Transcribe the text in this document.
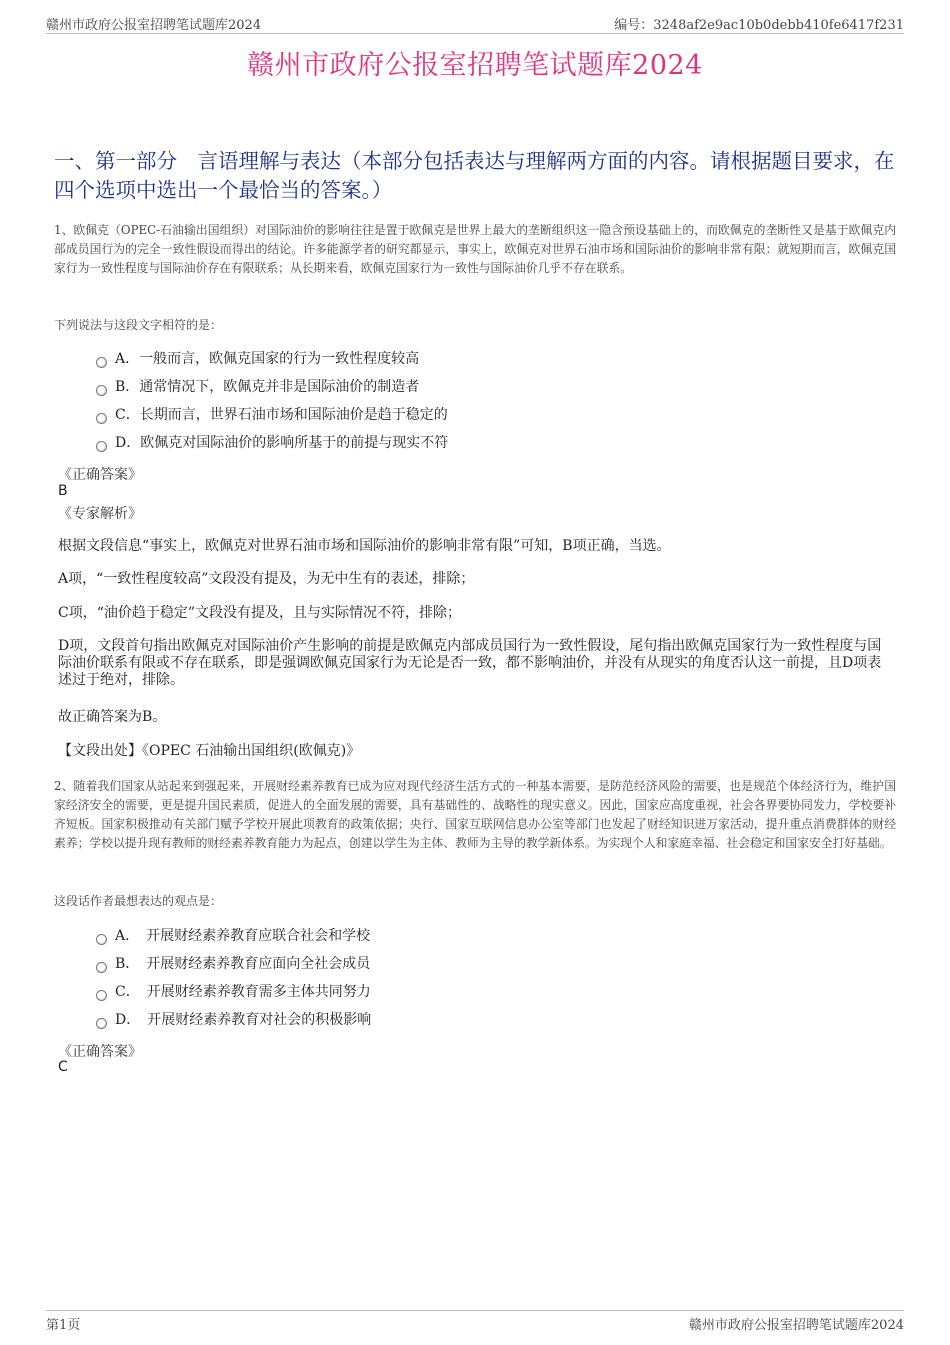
赣州市政府公报室招聘笔试题库2024	编号：3248af2e9ac10b0debb410fe6417f231
赣州市政府公报室招聘笔试题库2024
一、第一部分　言语理解与表达（本部分包括表达与理解两方面的内容。请根据题目要求，在四个选项中选出一个最恰当的答案。）
1、欧佩克（OPEC-石油输出国组织）对国际油价的影响往往是置于欧佩克是世界上最大的垄断组织这一隐含预设基础上的，而欧佩克的垄断性又是基于欧佩克内部成员国行为的完全一致性假设而得出的结论。许多能源学者的研究都显示，事实上，欧佩克对世界石油市场和国际油价的影响非常有限：就短期而言，欧佩克国家行为一致性程度与国际油价存在有限联系；从长期来看，欧佩克国家行为一致性与国际油价几乎不存在联系。
下列说法与这段文字相符的是：
A．一般而言，欧佩克国家的行为一致性程度较高
B．通常情况下，欧佩克并非是国际油价的制造者
C．长期而言，世界石油市场和国际油价是趋于稳定的
D．欧佩克对国际油价的影响所基于的前提与现实不符
《正确答案》
B
《专家解析》
根据文段信息“事实上，欧佩克对世界石油市场和国际油价的影响非常有限”可知，B项正确，当选。
A项，“一致性程度较高”文段没有提及，为无中生有的表述，排除；
C项，“油价趋于稳定”文段没有提及，且与实际情况不符，排除；
D项，文段首句指出欧佩克对国际油价产生影响的前提是欧佩克内部成员国行为一致性假设，尾句指出欧佩克国家行为一致性程度与国际油价联系有限或不存在联系，即是强调欧佩克国家行为无论是否一致，都不影响油价，并没有从现实的角度否认这一前提，且D项表述过于绝对，排除。
故正确答案为B。
【文段出处】《OPEC 石油输出国组织(欧佩克)》
2、随着我们国家从站起来到强起来，开展财经素养教育已成为应对现代经济生活方式的一种基本需要，是防范经济风险的需要，也是规范个体经济行为，维护国家经济安全的需要，更是提升国民素质，促进人的全面发展的需要，具有基础性的、战略性的现实意义。因此，国家应高度重视，社会各界要协同发力，学校要补齐短板。国家积极推动有关部门赋予学校开展此项教育的政策依据；央行、国家互联网信息办公室等部门也发起了财经知识进万家活动，提升重点消费群体的财经素养；学校以提升现有教师的财经素养教育能力为起点，创建以学生为主体、教师为主导的教学新体系。为实现个人和家庭幸福、社会稳定和国家安全打好基础。
这段话作者最想表达的观点是：
A．　开展财经素养教育应联合社会和学校
B．　开展财经素养教育应面向全社会成员
C．　开展财经素养教育需多主体共同努力
D．　开展财经素养教育对社会的积极影响
《正确答案》
C
第1页	赣州市政府公报室招聘笔试题库2024
